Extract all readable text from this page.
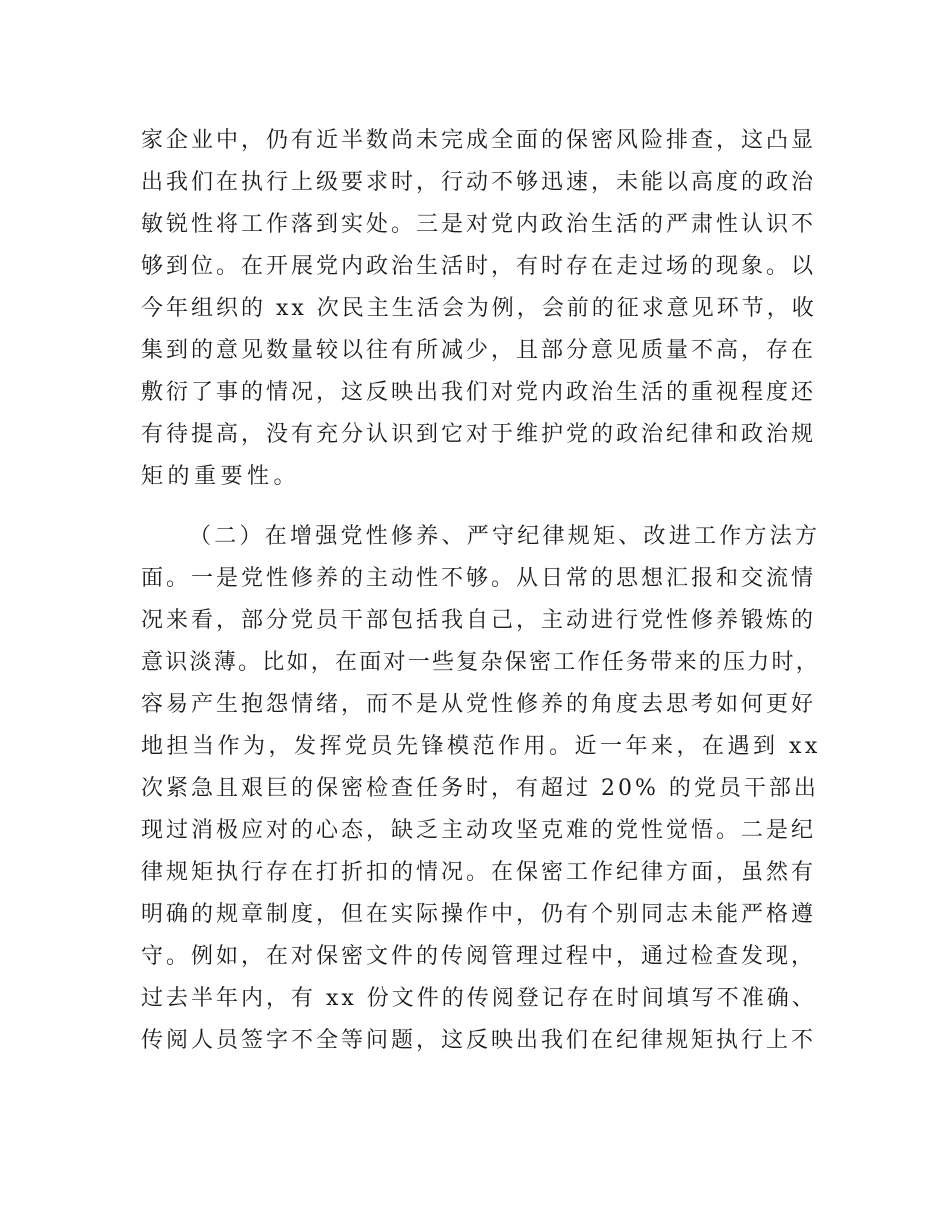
家企业中，仍有近半数尚未完成全面的保密风险排查，这凸显
出我们在执行上级要求时，行动不够迅速，未能以高度的政治
敏锐性将工作落到实处。三是对党内政治生活的严肃性认识不
够到位。在开展党内政治生活时，有时存在走过场的现象。以
今年组织的 xx 次民主生活会为例，会前的征求意见环节，收
集到的意见数量较以往有所减少，且部分意见质量不高，存在
敷衍了事的情况，这反映出我们对党内政治生活的重视程度还
有待提高，没有充分认识到它对于维护党的政治纪律和政治规
矩的重要性。
（二）在增强党性修养、严守纪律规矩、改进工作方法方
面。一是党性修养的主动性不够。从日常的思想汇报和交流情
况来看，部分党员干部包括我自己，主动进行党性修养锻炼的
意识淡薄。比如，在面对一些复杂保密工作任务带来的压力时，
容易产生抱怨情绪，而不是从党性修养的角度去思考如何更好
地担当作为，发挥党员先锋模范作用。近一年来，在遇到 xx
次紧急且艰巨的保密检查任务时，有超过 20% 的党员干部出
现过消极应对的心态，缺乏主动攻坚克难的党性觉悟。二是纪
律规矩执行存在打折扣的情况。在保密工作纪律方面，虽然有
明确的规章制度，但在实际操作中，仍有个别同志未能严格遵
守。例如，在对保密文件的传阅管理过程中，通过检查发现，
过去半年内，有 xx 份文件的传阅登记存在时间填写不准确、
传阅人员签字不全等问题，这反映出我们在纪律规矩执行上不
